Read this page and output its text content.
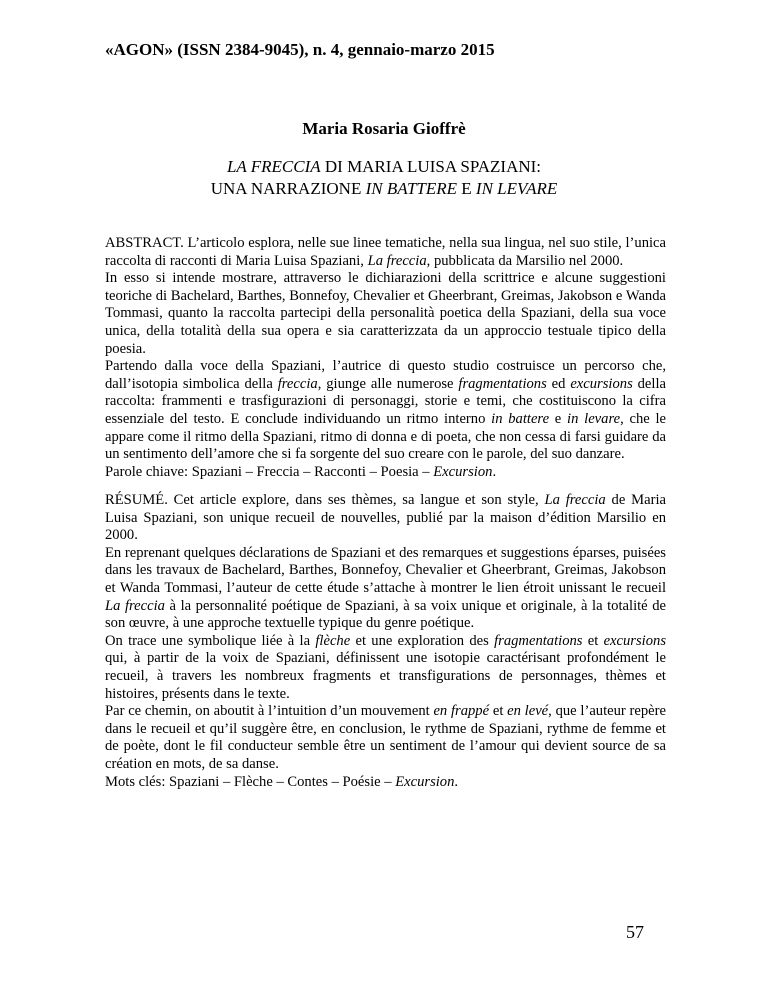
«AGON» (ISSN 2384-9045), n. 4, gennaio-marzo 2015
Maria Rosaria Gioffrè
LA FRECCIA DI MARIA LUISA SPAZIANI:
UNA NARRAZIONE IN BATTERE E IN LEVARE

ABSTRACT. L’articolo esplora, nelle sue linee tematiche, nella sua lingua, nel suo stile, l’unica raccolta di racconti di Maria Luisa Spaziani, La freccia, pubblicata da Marsilio nel 2000.

In esso si intende mostrare, attraverso le dichiarazioni della scrittrice e alcune suggestioni teoriche di Bachelard, Barthes, Bonnefoy, Chevalier et Gheerbrant, Greimas, Jakobson e Wanda Tommasi, quanto la raccolta partecipi della personalità poetica della Spaziani, della sua voce unica, della totalità della sua opera e sia caratterizzata da un approccio testuale tipico della poesia.

Partendo dalla voce della Spaziani, l’autrice di questo studio costruisce un percorso che, dall’isotopia simbolica della freccia, giunge alle numerose fragmentations ed excursions della raccolta: frammenti e trasfigurazioni di personaggi, storie e temi, che costituiscono la cifra essenziale del testo. E conclude individuando un ritmo interno in battere e in levare, che le appare come il ritmo della Spaziani, ritmo di donna e di poeta, che non cessa di farsi guidare da un sentimento dell’amore che si fa sorgente del suo creare con le parole, del suo danzare.

Parole chiave: Spaziani – Freccia – Racconti – Poesia – Excursion.

RÉSUMÉ. Cet article explore, dans ses thèmes, sa langue et son style, La freccia de Maria Luisa Spaziani, son unique recueil de nouvelles, publié par la maison d’édition Marsilio en 2000.

En reprenant quelques déclarations de Spaziani et des remarques et suggestions éparses, puisées dans les travaux de Bachelard, Barthes, Bonnefoy, Chevalier et Gheerbrant, Greimas, Jakobson et Wanda Tommasi, l’auteur de cette étude s’attache à montrer le lien étroit unissant le recueil La freccia à la personnalité poétique de Spaziani, à sa voix unique et originale, à la totalité de son œuvre, à une approche textuelle typique du genre poétique.

On trace une symbolique liée à la flèche et une exploration des fragmentations et excursions qui, à partir de la voix de Spaziani, définissent une isotopie caractérisant profondément le recueil, à travers les nombreux fragments et transfigurations de personnages, thèmes et histoires, présents dans le texte.

Par ce chemin, on aboutit à l’intuition d’un mouvement en frappé et en levé, que l’auteur repère dans le recueil et qu’il suggère être, en conclusion, le rythme de Spaziani, rythme de femme et de poète, dont le fil conducteur semble être un sentiment de l’amour qui devient source de sa création en mots, de sa danse.

Mots clés: Spaziani – Flèche – Contes – Poésie – Excursion.

57
